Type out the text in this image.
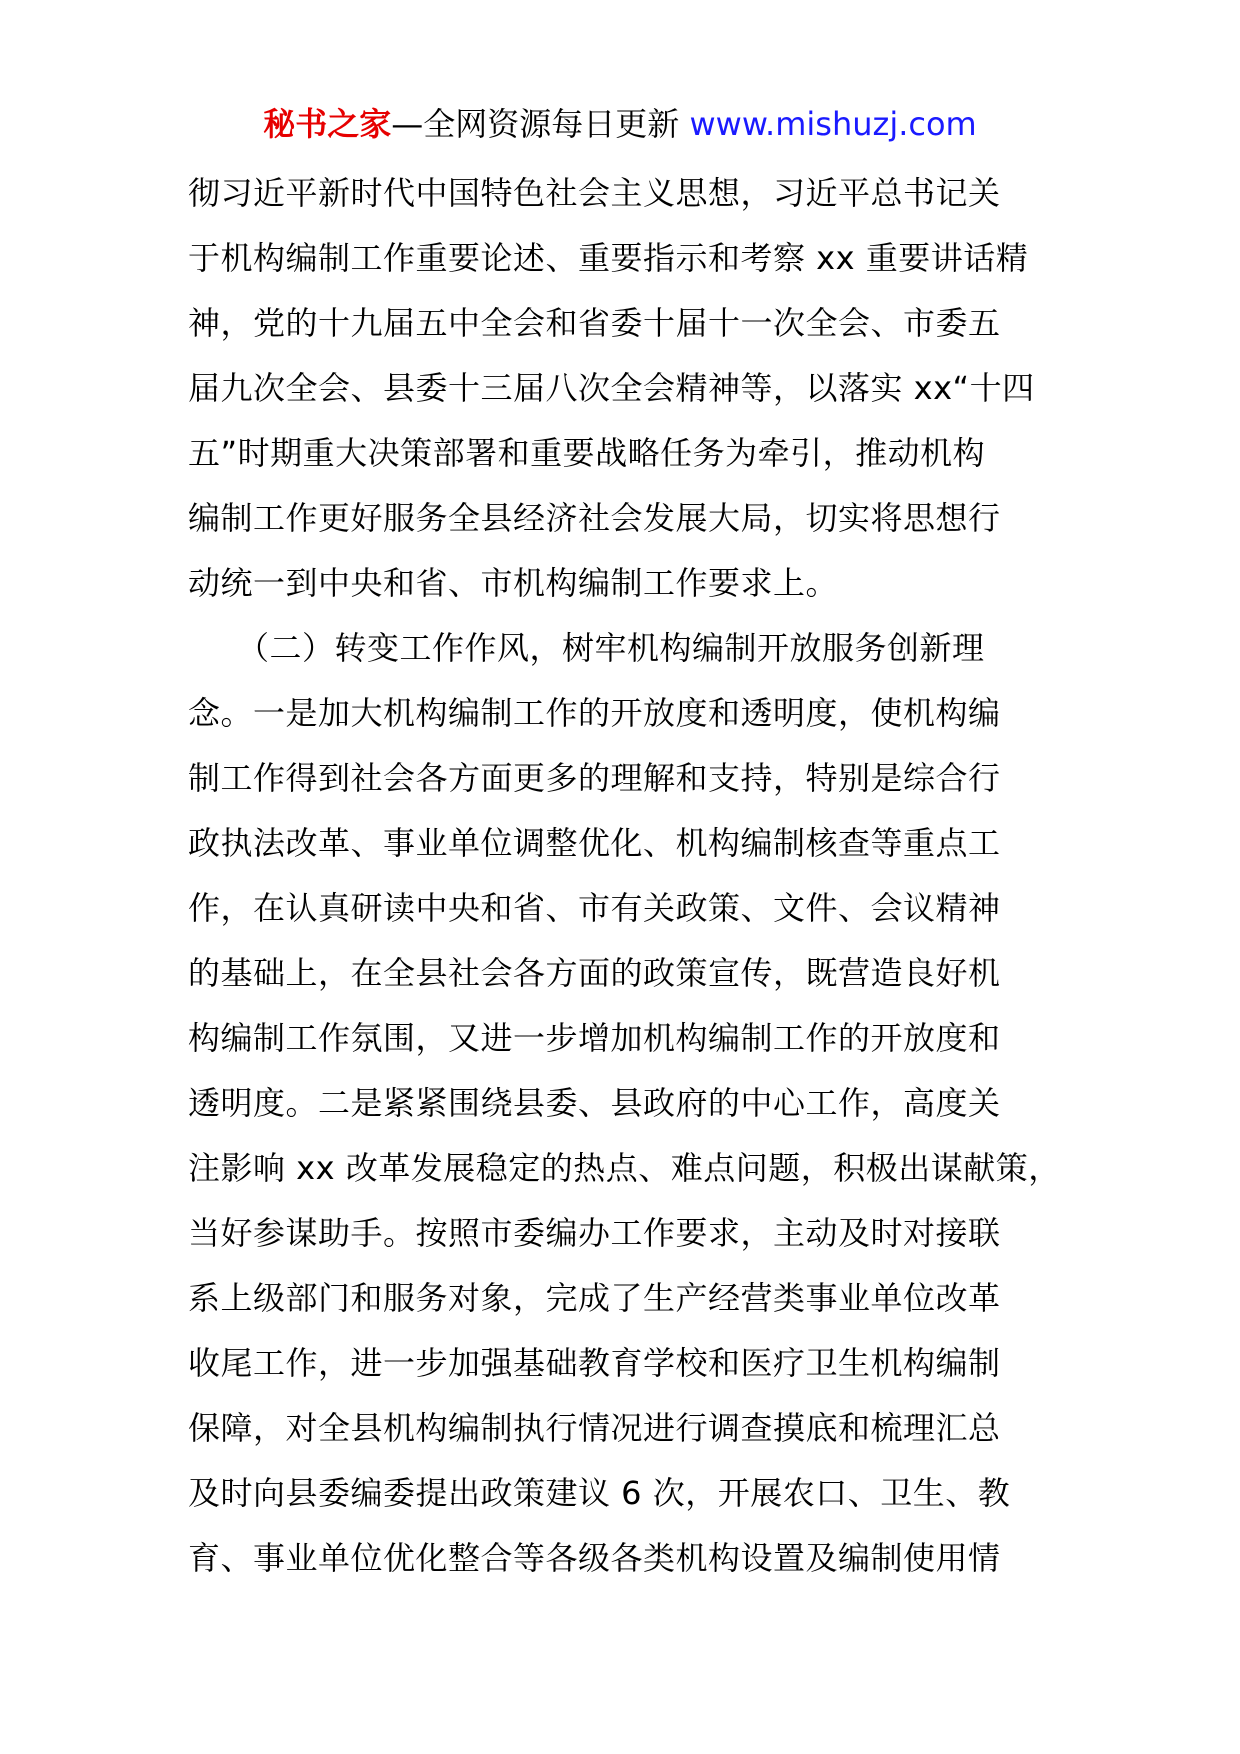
秘书之家—全网资源每日更新 www.mishuzj.com
彻习近平新时代中国特色社会主义思想，习近平总书记关
于机构编制工作重要论述、重要指示和考察 xx 重要讲话精
神，党的十九届五中全会和省委十届十一次全会、市委五
届九次全会、县委十三届八次全会精神等，以落实 xx“十四
五”时期重大决策部署和重要战略任务为牵引，推动机构
编制工作更好服务全县经济社会发展大局，切实将思想行
动统一到中央和省、市机构编制工作要求上。
　　（二）转变工作作风，树牢机构编制开放服务创新理
念。一是加大机构编制工作的开放度和透明度，使机构编
制工作得到社会各方面更多的理解和支持，特别是综合行
政执法改革、事业单位调整优化、机构编制核查等重点工
作，在认真研读中央和省、市有关政策、文件、会议精神
的基础上，在全县社会各方面的政策宣传，既营造良好机
构编制工作氛围，又进一步增加机构编制工作的开放度和
透明度。二是紧紧围绕县委、县政府的中心工作，高度关
注影响 xx 改革发展稳定的热点、难点问题，积极出谋献策，
当好参谋助手。按照市委编办工作要求，主动及时对接联
系上级部门和服务对象，完成了生产经营类事业单位改革
收尾工作，进一步加强基础教育学校和医疗卫生机构编制
保障，对全县机构编制执行情况进行调查摸底和梳理汇总
及时向县委编委提出政策建议 6 次，开展农口、卫生、教
育、事业单位优化整合等各级各类机构设置及编制使用情
